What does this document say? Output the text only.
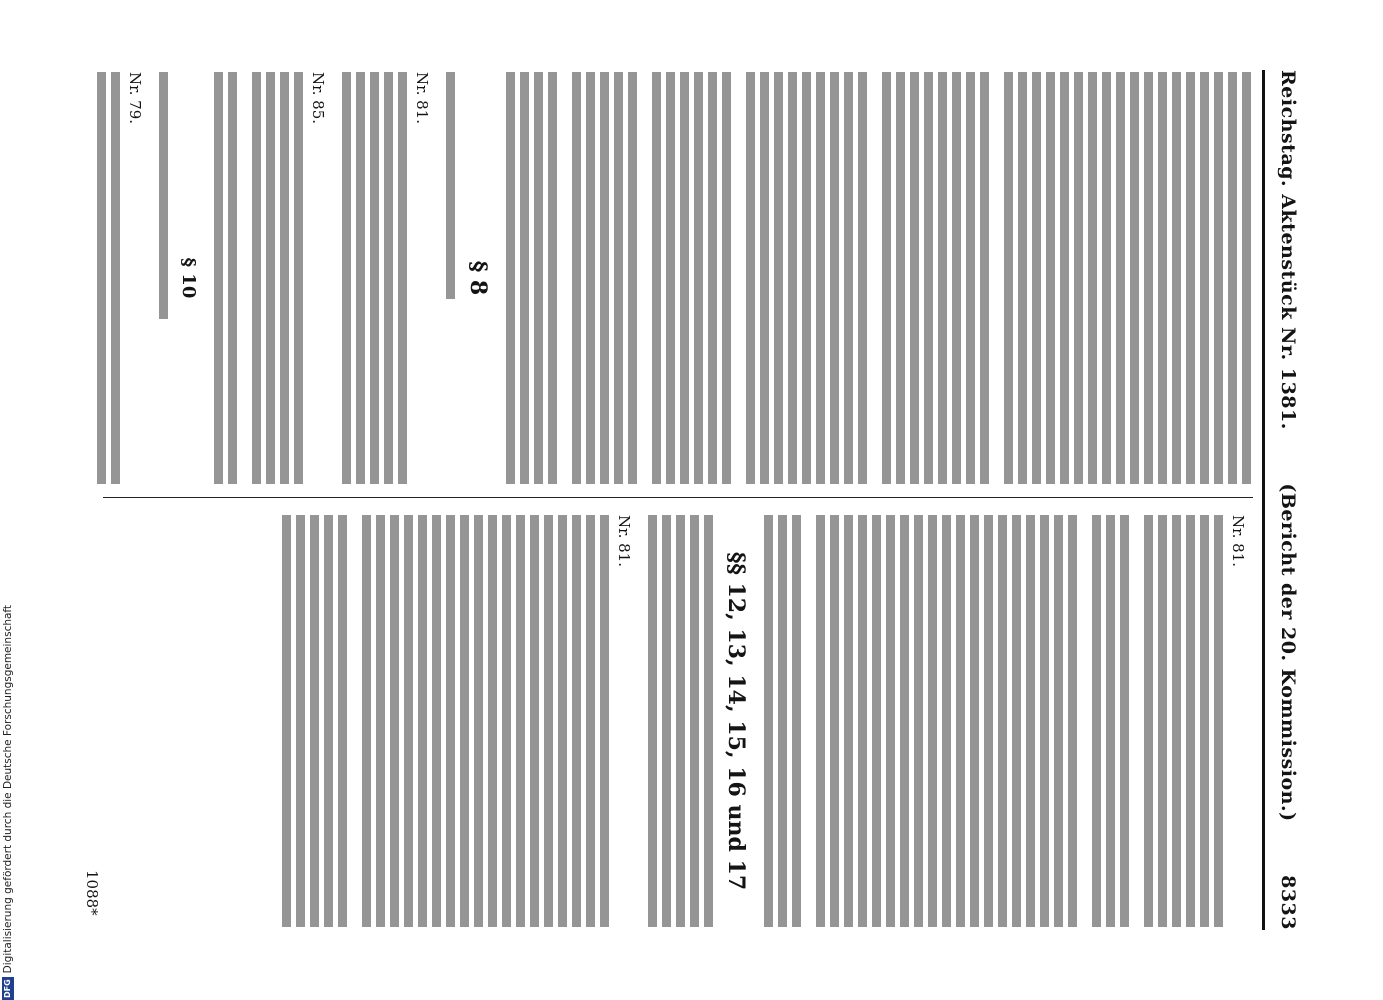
Reichstag. Aktenstück Nr. 1381.
(Bericht der 20. Kommission.)
8333
§ 8
Nr. 81.
Nr. 85.
§ 10
Nr. 79.
Nr. 81.
§§ 12, 13, 14, 15, 16 und 17
Nr. 81.
1088*
DFG
Digitalisierung gefördert durch die Deutsche Forschungsgemeinschaft
